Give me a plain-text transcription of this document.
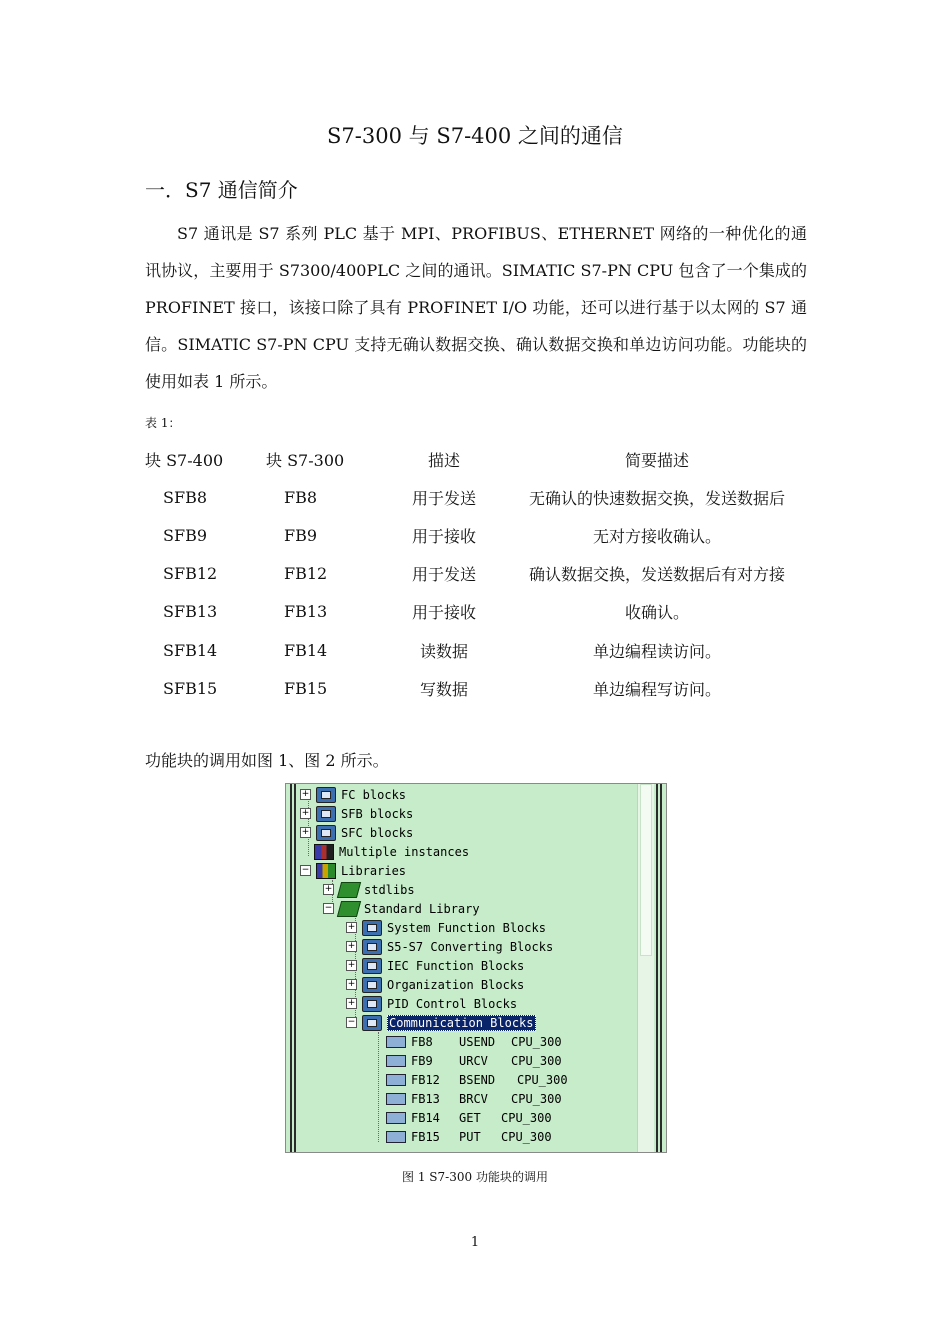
S7-300 与 S7-400 之间的通信
一．S7 通信简介
S7 通讯是 S7 系列 PLC 基于 MPI、PROFIBUS、ETHERNET 网络的一种优化的通讯协议，主要用于 S7300/400PLC 之间的通讯。SIMATIC S7-PN CPU 包含了一个集成的 PROFINET 接口，该接口除了具有 PROFINET I/O 功能，还可以进行基于以太网的 S7 通信。SIMATIC S7-PN CPU 支持无确认数据交换、确认数据交换和单边访问功能。功能块的使用如表 1 所示。
表 1：
块 S7-400	块 S7-300	描述	简要描述
SFB8	FB8	用于发送	无确认的快速数据交换，发送数据后
SFB9	FB9	用于接收	无对方接收确认。
SFB12	FB12	用于发送	确认数据交换，发送数据后有对方接
SFB13	FB13	用于接收	收确认。
SFB14	FB14	读数据	单边编程读访问。
SFB15	FB15	写数据	单边编程写访问。
功能块的调用如图 1、图 2 所示。
+	FC blocks
+	SFB blocks
+	SFC blocks
Multiple instances
−	Libraries
+	stdlibs
−	Standard Library
+	System Function Blocks
+	S5-S7 Converting Blocks
+	IEC Function Blocks
+	Organization Blocks
+	PID Control Blocks
−	Communication Blocks
FB8	USEND	CPU_300
FB9	URCV	CPU_300
FB12	BSEND	CPU_300
FB13	BRCV	CPU_300
FB14	GET	CPU_300
FB15	PUT	CPU_300
图 1 S7-300 功能块的调用
1
